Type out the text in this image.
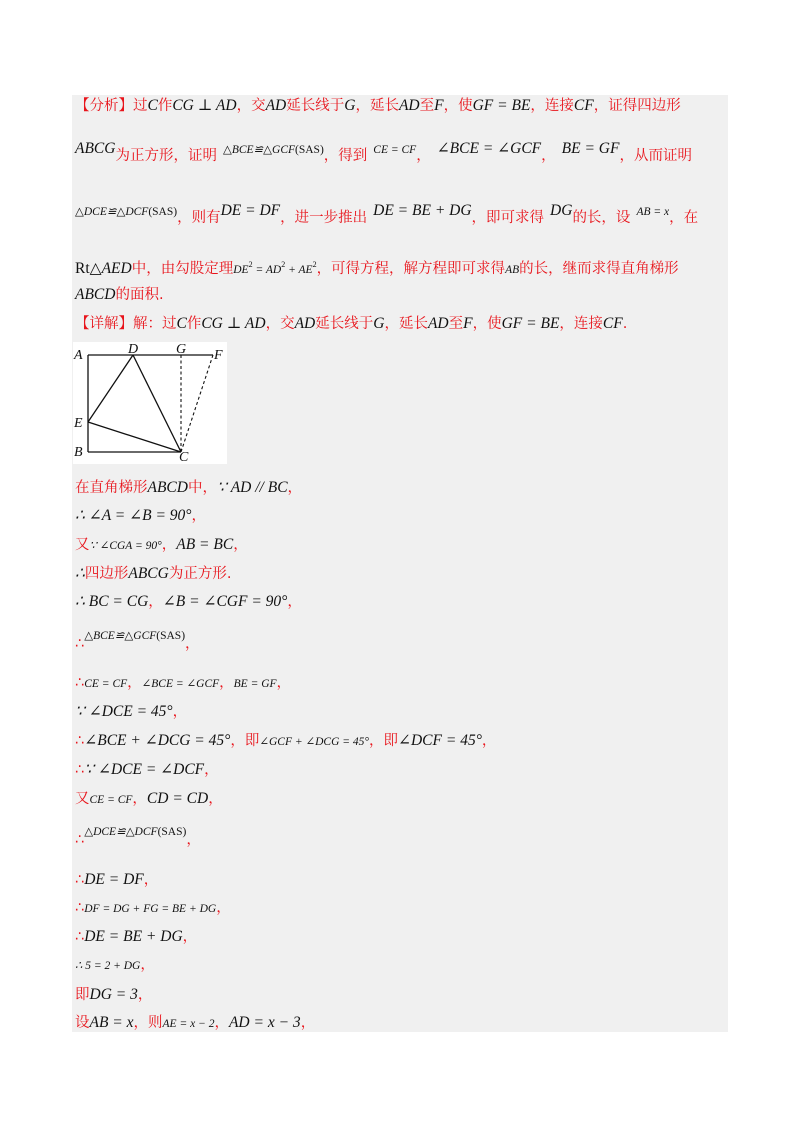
【分析】过C作CG ⊥ AD，交AD延长线于G，延长AD至F，使GF = BE，连接CF，证得四边形
ABCG为正方形，证明 $^{\triangle BCE≌\triangle GCF(SAS)}$，得到 $^{CE = CF}$， ∠BCE = ∠GCF， BE = GF，从而证明
$^{\triangle DCE≌\triangle DCF(SAS)}$，则有DE = DF，进一步推出 DE = BE + DG，即可求得 DG的长，设 $^{AB = x}$，在
Rt△AED中，由勾股定理$DE^2 = AD^2 + AE^2$，可得方程，解方程即可求得AB的长，继而求得直角梯形
ABCD的面积.
【详解】解：过C作CG ⊥ AD，交AD延长线于G，延长AD至F，使GF = BE，连接CF.
A	D	G F
E
B	C
在直角梯形ABCD中，∵ AD // BC，
∴ ∠A = ∠B = 90°，
又∵ ∠CGA = 90°，AB = BC，
∴四边形ABCG为正方形.
∴ BC = CG，∠B = ∠CGF = 90°，
∴$^{\triangle BCE≌\triangle GCF(SAS)}$，
∴CE = CF，∠BCE = ∠GCF，BE = GF，
∵ ∠DCE = 45°，
∴∠BCE + ∠DCG = 45°，即∠GCF + ∠DCG = 45°，即∠DCF = 45°，
∴∵ ∠DCE = ∠DCF，
又CE = CF，CD = CD，
∴$^{\triangle DCE≌\triangle DCF(SAS)}$，
∴DE = DF，
∴DF = DG + FG = BE + DG，
∴DE = BE + DG，
∴ 5 = 2 + DG，
即DG = 3，
设AB = x，则AE = x − 2，AD = x − 3，
